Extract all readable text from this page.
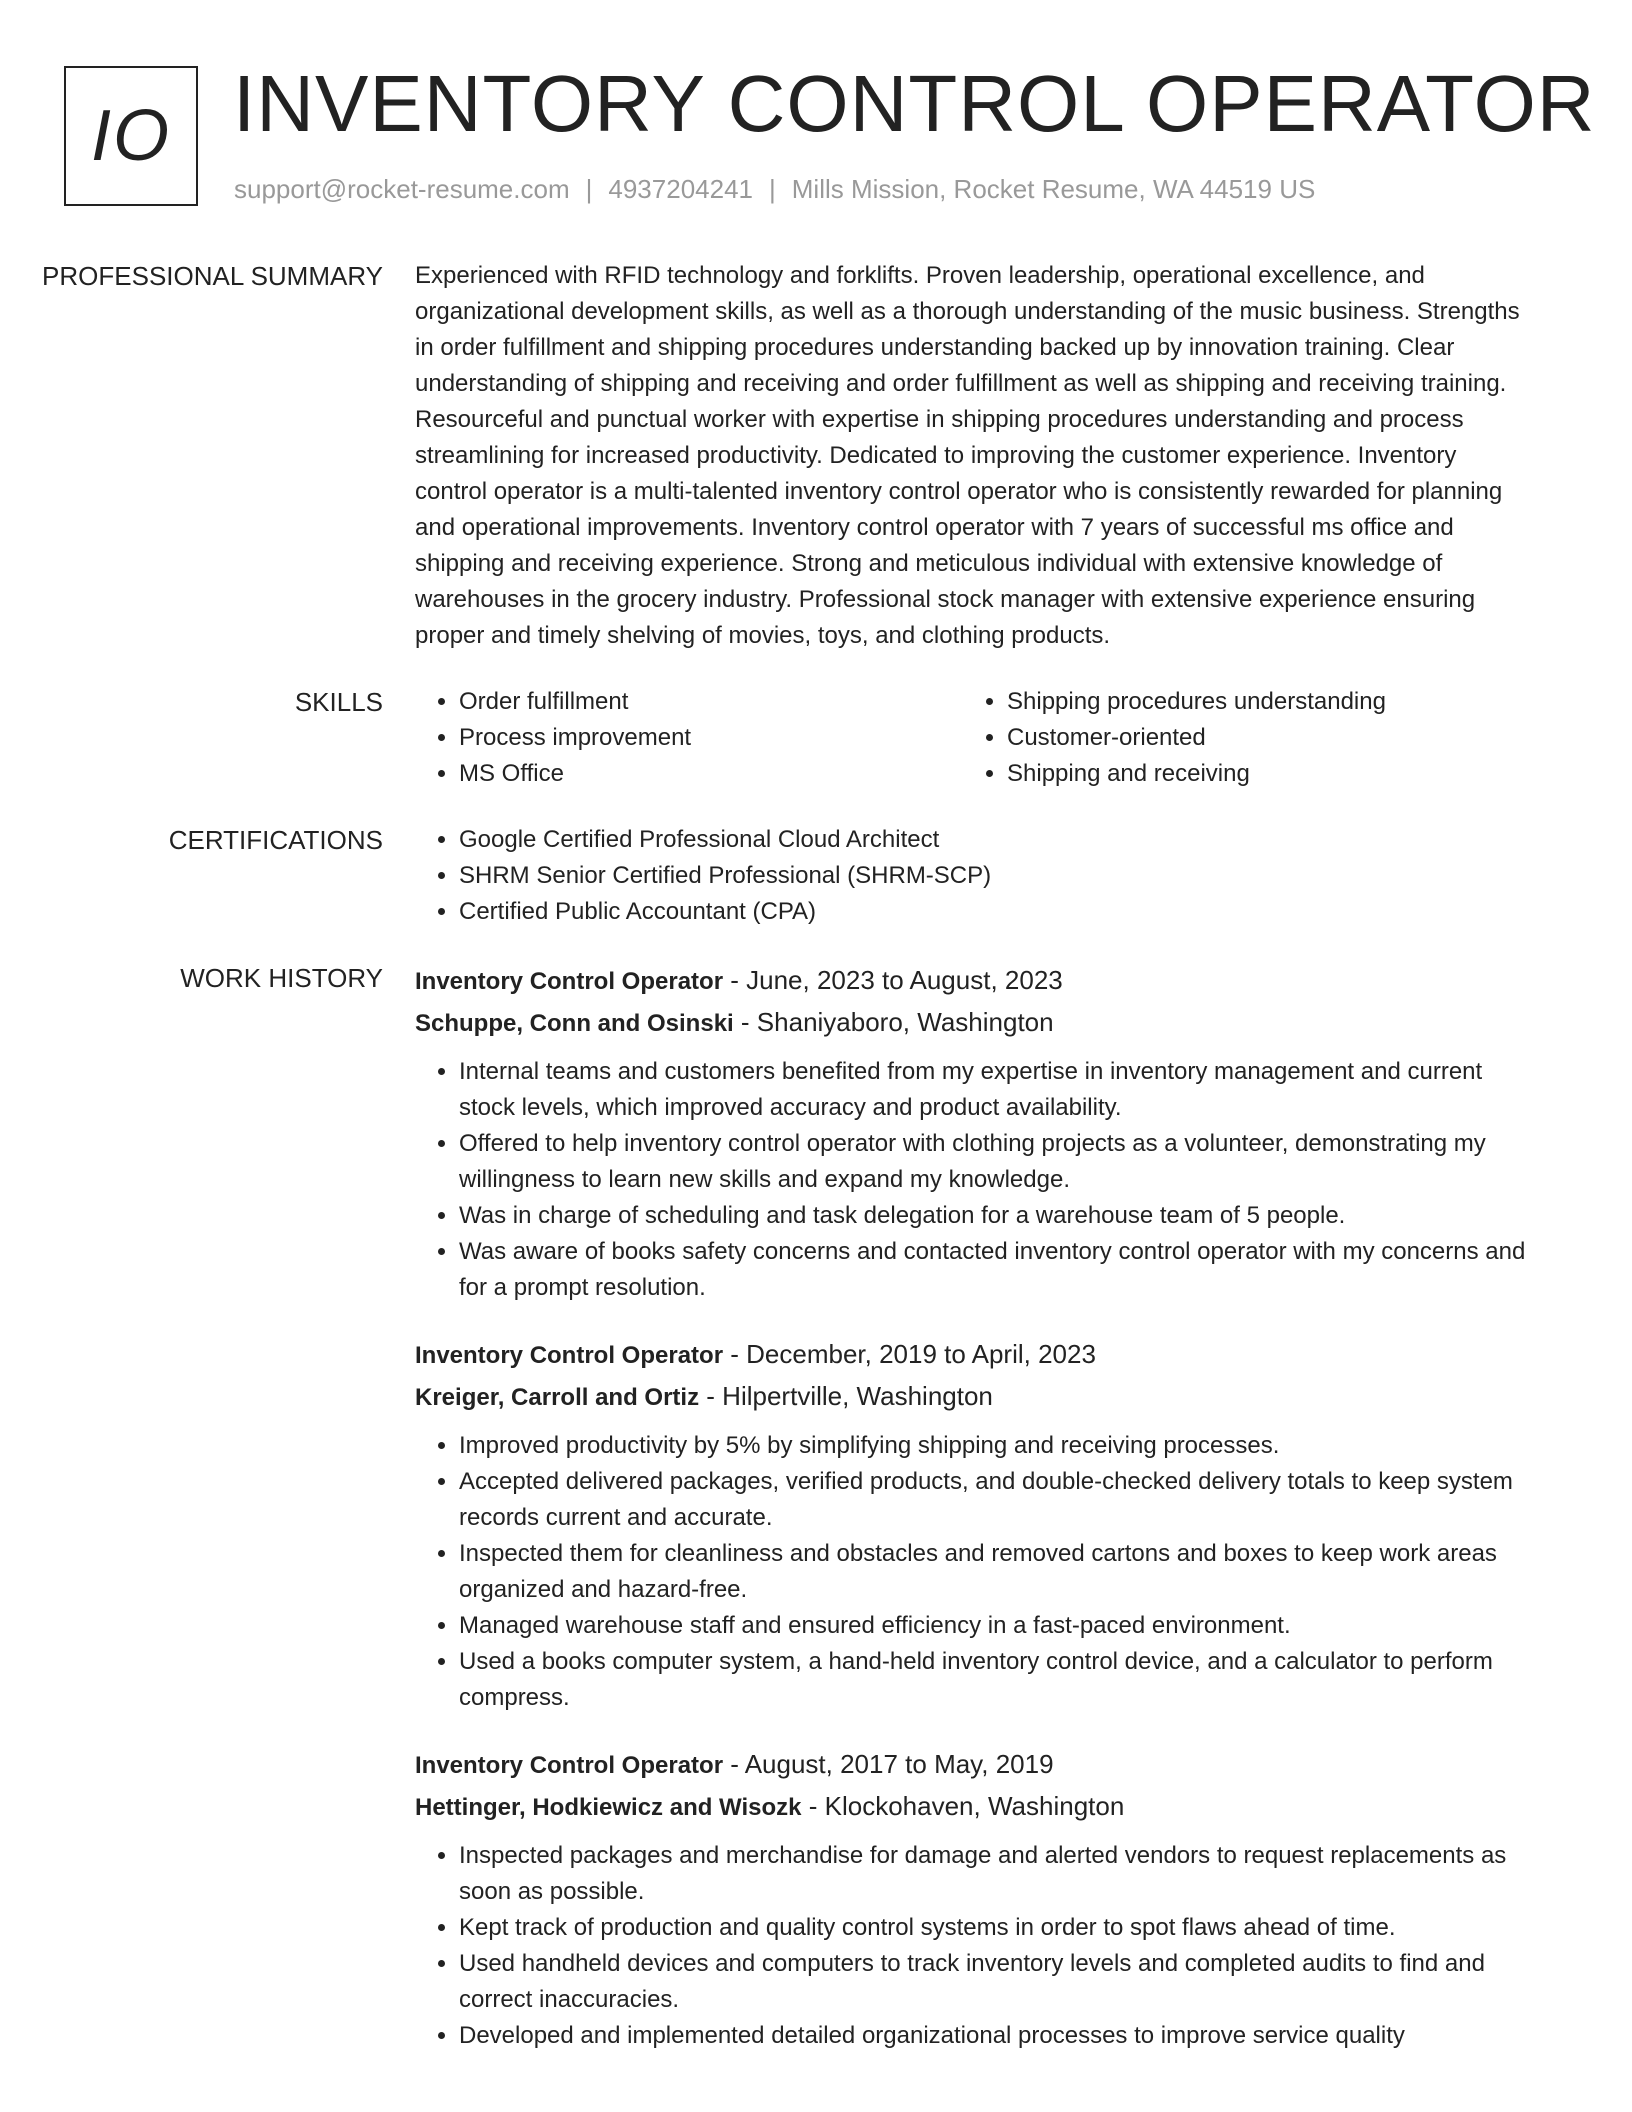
IO INVENTORY CONTROL OPERATOR
support@rocket-resume.com | 4937204241 | Mills Mission, Rocket Resume, WA 44519 US
PROFESSIONAL SUMMARY	Experienced with RFID technology and forklifts. Proven leadership, operational excellence, and organizational development skills, as well as a thorough understanding of the music business. Strengths in order fulfillment and shipping procedures understanding backed up by innovation training. Clear understanding of shipping and receiving and order fulfillment as well as shipping and receiving training. Resourceful and punctual worker with expertise in shipping procedures understanding and process streamlining for increased productivity. Dedicated to improving the customer experience. Inventory control operator is a multi-talented inventory control operator who is consistently rewarded for planning and operational improvements. Inventory control operator with 7 years of successful ms office and shipping and receiving experience. Strong and meticulous individual with extensive knowledge of warehouses in the grocery industry. Professional stock manager with extensive experience ensuring proper and timely shelving of movies, toys, and clothing products.

SKILLS	• Order fulfillment
• Process improvement
• MS Office
• Shipping procedures understanding
• Customer-oriented
• Shipping and receiving
CERTIFICATIONS	• Google Certified Professional Cloud Architect
• SHRM Senior Certified Professional (SHRM-SCP)
• Certified Public Accountant (CPA)
WORK HISTORY	Inventory Control Operator - June, 2023 to August, 2023
Schuppe, Conn and Osinski - Shaniyaboro, Washington
• Internal teams and customers benefited from my expertise in inventory management and current stock levels, which improved accuracy and product availability.
• Offered to help inventory control operator with clothing projects as a volunteer, demonstrating my willingness to learn new skills and expand my knowledge.
• Was in charge of scheduling and task delegation for a warehouse team of 5 people.
• Was aware of books safety concerns and contacted inventory control operator with my concerns and for a prompt resolution.
Inventory Control Operator - December, 2019 to April, 2023
Kreiger, Carroll and Ortiz - Hilpertville, Washington
• Improved productivity by 5% by simplifying shipping and receiving processes.
• Accepted delivered packages, verified products, and double-checked delivery totals to keep system records current and accurate.
• Inspected them for cleanliness and obstacles and removed cartons and boxes to keep work areas organized and hazard-free.
• Managed warehouse staff and ensured efficiency in a fast-paced environment.
• Used a books computer system, a hand-held inventory control device, and a calculator to perform compress.
Inventory Control Operator - August, 2017 to May, 2019
Hettinger, Hodkiewicz and Wisozk - Klockohaven, Washington
• Inspected packages and merchandise for damage and alerted vendors to request replacements as soon as possible.
• Kept track of production and quality control systems in order to spot flaws ahead of time.
• Used handheld devices and computers to track inventory levels and completed audits to find and correct inaccuracies.
• Developed and implemented detailed organizational processes to improve service quality
